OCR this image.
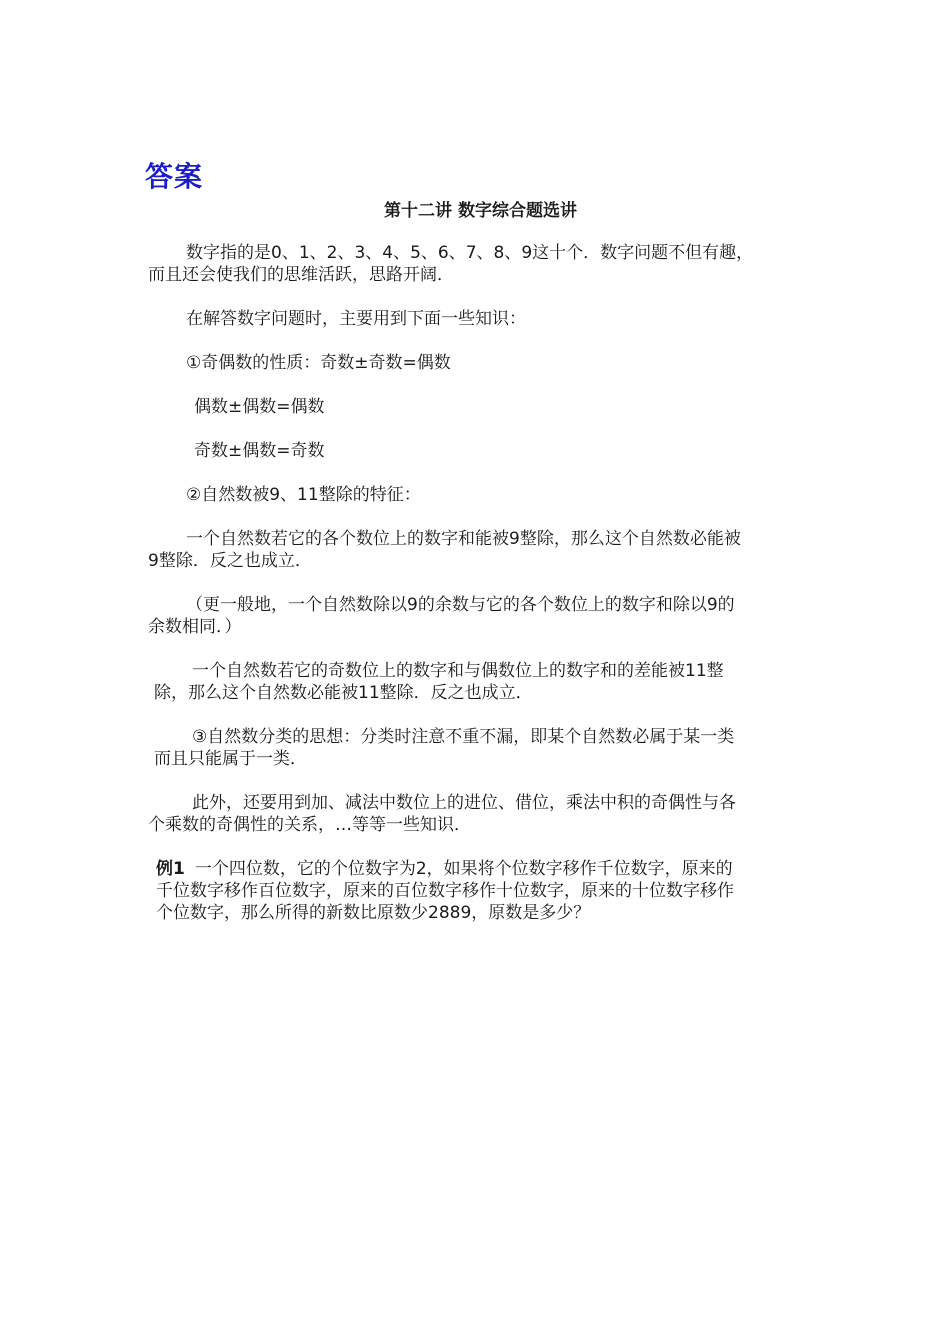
答案
第十二讲 数字综合题选讲
数字指的是0、1、2、3、4、5、6、7、8、9这十个．数字问题不但有趣，
而且还会使我们的思维活跃，思路开阔．
在解答数字问题时，主要用到下面一些知识：
①奇偶数的性质：奇数±奇数=偶数
偶数±偶数=偶数
奇数±偶数=奇数
②自然数被9、11整除的特征：
一个自然数若它的各个数位上的数字和能被9整除，那么这个自然数必能被
9整除．反之也成立．
（更一般地，一个自然数除以9的余数与它的各个数位上的数字和除以9的
余数相同．）
一个自然数若它的奇数位上的数字和与偶数位上的数字和的差能被11整
除，那么这个自然数必能被11整除．反之也成立．
③自然数分类的思想：分类时注意不重不漏，即某个自然数必属于某一类
而且只能属于一类．
此外，还要用到加、减法中数位上的进位、借位，乘法中积的奇偶性与各
个乘数的奇偶性的关系，…等等一些知识．
例1 一个四位数，它的个位数字为2，如果将个位数字移作千位数字，原来的
千位数字移作百位数字，原来的百位数字移作十位数字，原来的十位数字移作
个位数字，那么所得的新数比原数少2889，原数是多少？
